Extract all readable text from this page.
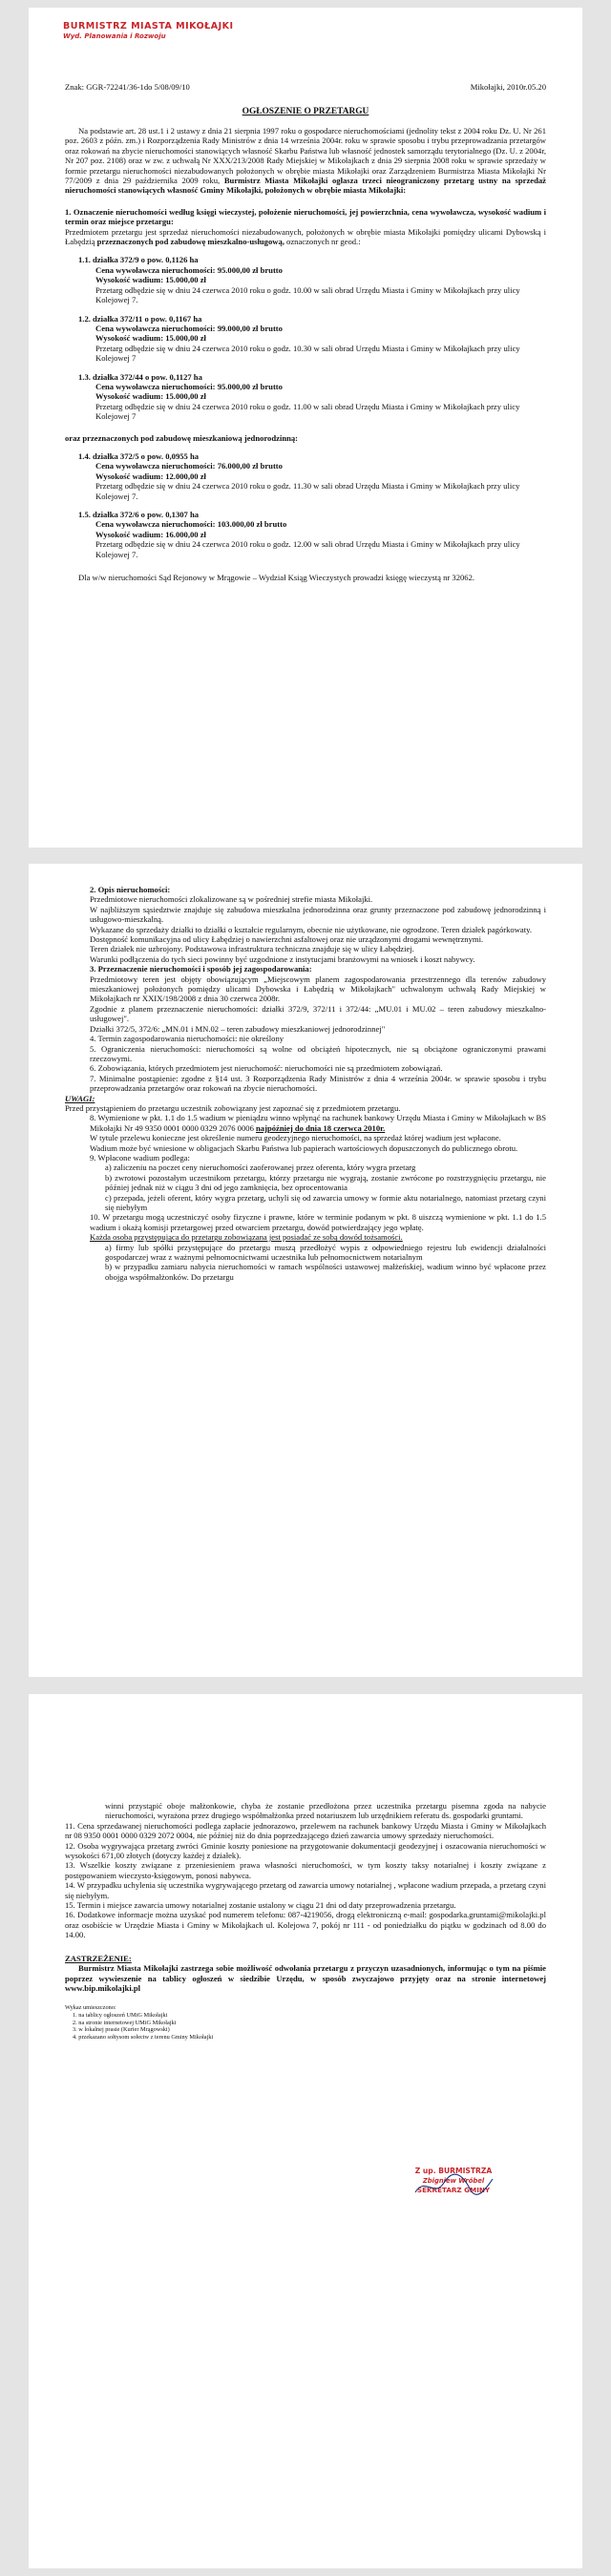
BURMISTRZ MIASTA MIKOŁAJKI
Wyd. Planowania i Rozwoju
Znak: GGR-72241/36-1do 5/08/09/10	Mikołajki, 2010r.05.20
OGŁOSZENIE O PRZETARGU

Na podstawie art. 28 ust.1 i 2 ustawy z dnia 21 sierpnia 1997 roku o gospodarce nieruchomościami (jednolity tekst z 2004 roku Dz. U. Nr 261 poz. 2603 z późn. zm.) i Rozporządzenia Rady Ministrów z dnia 14 września 2004r. roku w sprawie sposobu i trybu przeprowadzania przetargów oraz rokowań na zbycie nieruchomości stanowiących własność Skarbu Państwa lub własność jednostek samorządu terytorialnego (Dz. U. z 2004r, Nr 207 poz. 2108) oraz w zw. z uchwałą Nr XXX/213/2008 Rady Miejskiej w Mikołajkach z dnia 29 sierpnia 2008 roku w sprawie sprzedaży w formie przetargu nieruchomości niezabudowanych położonych w obrębie miasta Mikołajki oraz Zarządzeniem Burmistrza Miasta Mikołajki Nr 77/2009 z dnia 29 października 2009 roku, Burmistrz Miasta Mikołajki ogłasza trzeci nieograniczony przetarg ustny na sprzedaż nieruchomości stanowiących własność Gminy Mikołajki, położonych w obrębie miasta Mikołajki:

1. Oznaczenie nieruchomości według księgi wieczystej, położenie nieruchomości, jej powierzchnia, cena wywoławcza, wysokość wadium i termin oraz miejsce przetargu:

Przedmiotem przetargu jest sprzedaż nieruchomości niezabudowanych, położonych w obrębie miasta Mikołajki pomiędzy ulicami Dybowską i Łabędzią przeznaczonych pod zabudowę mieszkalno-usługową, oznaczonych nr geod.:

1.1. działka 372/9 o pow. 0,1126 ha
Cena wywoławcza nieruchomości: 95.000,00 zł brutto
Wysokość wadium: 15.000,00 zł
Przetarg odbędzie się w dniu 24 czerwca 2010 roku o godz. 10.00 w sali obrad Urzędu Miasta i Gminy w Mikołajkach przy ulicy Kolejowej 7.
1.2. działka 372/11 o pow. 0,1167 ha
Cena wywoławcza nieruchomości: 99.000,00 zł brutto
Wysokość wadium: 15.000,00 zł
Przetarg odbędzie się w dniu 24 czerwca 2010 roku o godz. 10.30 w sali obrad Urzędu Miasta i Gminy w Mikołajkach przy ulicy Kolejowej 7
1.3. działka 372/44 o pow. 0,1127 ha
Cena wywoławcza nieruchomości: 95.000,00 zł brutto
Wysokość wadium: 15.000,00 zł
Przetarg odbędzie się w dniu 24 czerwca 2010 roku o godz. 11.00 w sali obrad Urzędu Miasta i Gminy w Mikołajkach przy ulicy Kolejowej 7

oraz przeznaczonych pod zabudowę mieszkaniową jednorodzinną:

1.4. działka 372/5 o pow. 0,0955 ha
Cena wywoławcza nieruchomości: 76.000,00 zł brutto
Wysokość wadium: 12.000,00 zł
Przetarg odbędzie się w dniu 24 czerwca 2010 roku o godz. 11.30 w sali obrad Urzędu Miasta i Gminy w Mikołajkach przy ulicy Kolejowej 7.
1.5. działka 372/6 o pow. 0,1307 ha
Cena wywoławcza nieruchomości: 103.000,00 zł brutto
Wysokość wadium: 16.000,00 zł
Przetarg odbędzie się w dniu 24 czerwca 2010 roku o godz. 12.00 w sali obrad Urzędu Miasta i Gminy w Mikołajkach przy ulicy Kolejowej 7.

Dla w/w nieruchomości Sąd Rejonowy w Mrągowie – Wydział Ksiąg Wieczystych prowadzi księgę wieczystą nr 32062.

2. Opis nieruchomości:

Przedmiotowe nieruchomości zlokalizowane są w pośredniej strefie miasta Mikołajki.

W najbliższym sąsiedztwie znajduje się zabudowa mieszkalna jednorodzinna oraz grunty przeznaczone pod zabudowę jednorodzinną i usługowo-mieszkalną.

Wykazane do sprzedaży działki to działki o kształcie regularnym, obecnie nie użytkowane, nie ogrodzone. Teren działek pagórkowaty.

Dostępność komunikacyjna od ulicy Łabędziej o nawierzchni asfaltowej oraz nie urządzonymi drogami wewnętrznymi.

Teren działek nie uzbrojony. Podstawowa infrastruktura techniczna znajduje się w ulicy Łabędziej.

Warunki podłączenia do tych sieci powinny być uzgodnione z instytucjami branżowymi na wniosek i koszt nabywcy.

3. Przeznaczenie nieruchomości i sposób jej zagospodarowania:

Przedmiotowy teren jest objęty obowiązującym „Miejscowym planem zagospodarowania przestrzennego dla terenów zabudowy mieszkaniowej położonych pomiędzy ulicami Dybowska i Łabędzią w Mikołajkach" uchwalonym uchwałą Rady Miejskiej w Mikołajkach nr XXIX/198/2008 z dnia 30 czerwca 2008r.

Zgodnie z planem przeznaczenie nieruchomości: działki 372/9, 372/11 i 372/44: „MU.01 i MU.02 – teren zabudowy mieszkalno-usługowej".

Działki 372/5, 372/6: „MN.01 i MN.02 – teren zabudowy mieszkaniowej jednorodzinnej"

4. Termin zagospodarowania nieruchomości: nie określony

5. Ograniczenia nieruchomości: nieruchomości są wolne od obciążeń hipotecznych, nie są obciążone ograniczonymi prawami rzeczowymi.

6. Zobowiązania, których przedmiotem jest nieruchomość: nieruchomości nie są przedmiotem zobowiązań.

7. Minimalne postąpienie: zgodne z §14 ust. 3 Rozporządzenia Rady Ministrów z dnia 4 września 2004r. w sprawie sposobu i trybu przeprowadzania przetargów oraz rokowań na zbycie nieruchomości.

UWAGI:

Przed przystąpieniem do przetargu uczestnik zobowiązany jest zapoznać się z przedmiotem przetargu.

8. Wymienione w pkt. 1.1 do 1.5 wadium w pieniądzu winno wpłynąć na rachunek bankowy Urzędu Miasta i Gminy w Mikołajkach w BS Mikołajki Nr 49 9350 0001 0000 0329 2076 0006 najpóźniej do dnia 18 czerwca 2010r.

W tytule przelewu konieczne jest określenie numeru geodezyjnego nieruchomości, na sprzedaż której wadium jest wpłacone.

Wadium może być wniesione w obligacjach Skarbu Państwa lub papierach wartościowych dopuszczonych do publicznego obrotu.

9. Wpłacone wadium podlega:

a) zaliczeniu na poczet ceny nieruchomości zaoferowanej przez oferenta, który wygra przetarg

b) zwrotowi pozostałym uczestnikom przetargu, którzy przetargu nie wygrają, zostanie zwrócone po rozstrzygnięciu przetargu, nie później jednak niż w ciągu 3 dni od jego zamknięcia, bez oprocentowania

c) przepada, jeżeli oferent, który wygra przetarg, uchyli się od zawarcia umowy w formie aktu notarialnego, natomiast przetarg czyni się niebyłym

10. W przetargu mogą uczestniczyć osoby fizyczne i prawne, które w terminie podanym w pkt. 8 uiszczą wymienione w pkt. 1.1 do 1.5 wadium i okażą komisji przetargowej przed otwarciem przetargu, dowód potwierdzający jego wpłatę.

Każda osoba przystępująca do przetargu zobowiązana jest posiadać ze sobą dowód tożsamości.

a) firmy lub spółki przystępujące do przetargu muszą przedłożyć wypis z odpowiedniego rejestru lub ewidencji działalności gospodarczej wraz z ważnymi pełnomocnictwami uczestnika lub pełnomocnictwem notarialnym

b) w przypadku zamiaru nabycia nieruchomości w ramach wspólności ustawowej małżeńskiej, wadium winno być wpłacone przez obojga współmałżonków. Do przetargu

winni przystąpić oboje małżonkowie, chyba że zostanie przedłożona przez uczestnika przetargu pisemna zgoda na nabycie nieruchomości, wyrażona przez drugiego współmałżonka przed notariuszem lub urzędnikiem referatu ds. gospodarki gruntami.

11. Cena sprzedawanej nieruchomości podlega zapłacie jednorazowo, przelewem na rachunek bankowy Urzędu Miasta i Gminy w Mikołajkach nr 08 9350 0001 0000 0329 2072 0004, nie później niż do dnia poprzedzającego dzień zawarcia umowy sprzedaży nieruchomości.

12. Osoba wygrywająca przetarg zwróci Gminie koszty poniesione na przygotowanie dokumentacji geodezyjnej i oszacowania nieruchomości w wysokości 671,00 złotych (dotyczy każdej z działek).

13. Wszelkie koszty związane z przeniesieniem prawa własności nieruchomości, w tym koszty taksy notarialnej i koszty związane z postępowaniem wieczysto-księgowym, ponosi nabywca.

14. W przypadku uchylenia się uczestnika wygrywającego przetarg od zawarcia umowy notarialnej , wpłacone wadium przepada, a przetarg czyni się niebyłym.

15. Termin i miejsce zawarcia umowy notarialnej zostanie ustalony w ciągu 21 dni od daty przeprowadzenia przetargu.

16. Dodatkowe informacje można uzyskać pod numerem telefonu: 087-4219056, drogą elektroniczną e-mail: gospodarka.gruntami@mikolajki.pl oraz osobiście w Urzędzie Miasta i Gminy w Mikołajkach ul. Kolejowa 7, pokój nr 111 - od poniedziałku do piątku w godzinach od 8.00 do 14.00.

ZASTRZEŻENIE:

Burmistrz Miasta Mikołajki zastrzega sobie możliwość odwołania przetargu z przyczyn uzasadnionych, informując o tym na piśmie poprzez wywieszenie na tablicy ogłoszeń w siedzibie Urzędu, w sposób zwyczajowo przyjęty oraz na stronie internetowej www.bip.mikolajki.pl

Wykaz umieszczono:

1. na tablicy ogłoszeń UMiG Mikołajki

2. na stronie internetowej UMiG Mikołajki

3. w lokalnej prasie (Kurier Mrągowski)

4. przekazano sołtysom sołectw z terenu Gminy Mikołajki

Z up. BURMISTRZA
Zbigniew Wróbel
SEKRETARZ GMINY
